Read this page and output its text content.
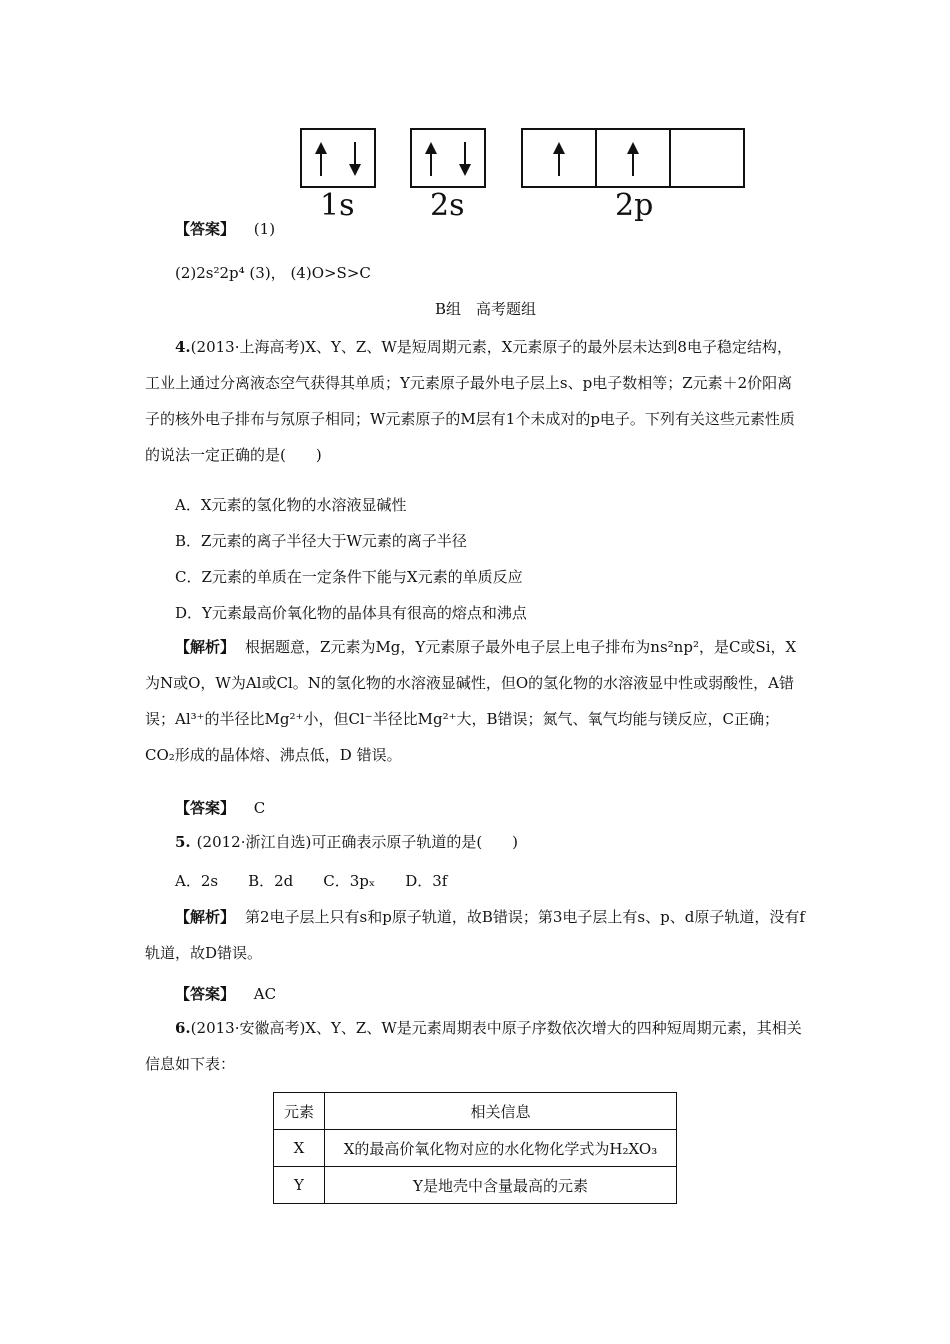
1s	2s	2p
【答案】 (1)
(2)2s²2p⁴ (3)， (4)O>S>C
B组　高考题组
4.(2013·上海高考)X、Y、Z、W是短周期元素，X元素原子的最外层未达到8电子稳定结构，工业上通过分离液态空气获得其单质；Y元素原子最外电子层上s、p电子数相等；Z元素＋2价阳离子的核外电子排布与氖原子相同；W元素原子的M层有1个未成对的p电子。下列有关这些元素性质的说法一定正确的是(　　)
A．X元素的氢化物的水溶液显碱性
B．Z元素的离子半径大于W元素的离子半径
C．Z元素的单质在一定条件下能与X元素的单质反应
D．Y元素最高价氧化物的晶体具有很高的熔点和沸点
【解析】 根据题意，Z元素为Mg，Y元素原子最外电子层上电子排布为ns²np²，是C或Si，X为N或O，W为Al或Cl。N的氢化物的水溶液显碱性，但O的氢化物的水溶液显中性或弱酸性，A错误；Al³⁺的半径比Mg²⁺小，但Cl⁻半径比Mg²⁺大，B错误；氮气、氧气均能与镁反应，C正确；CO₂形成的晶体熔、沸点低，D 错误。
【答案】 C
5. (2012·浙江自选)可正确表示原子轨道的是(　　)
A．2s　　B．2d　　C．3pₓ　　D．3f
【解析】 第2电子层上只有s和p原子轨道，故B错误；第3电子层上有s、p、d原子轨道，没有f轨道，故D错误。
【答案】 AC
6.(2013·安徽高考)X、Y、Z、W是元素周期表中原子序数依次增大的四种短周期元素，其相关信息如下表：
元素	相关信息
X	X的最高价氧化物对应的水化物化学式为H₂XO₃
Y	Y是地壳中含量最高的元素
